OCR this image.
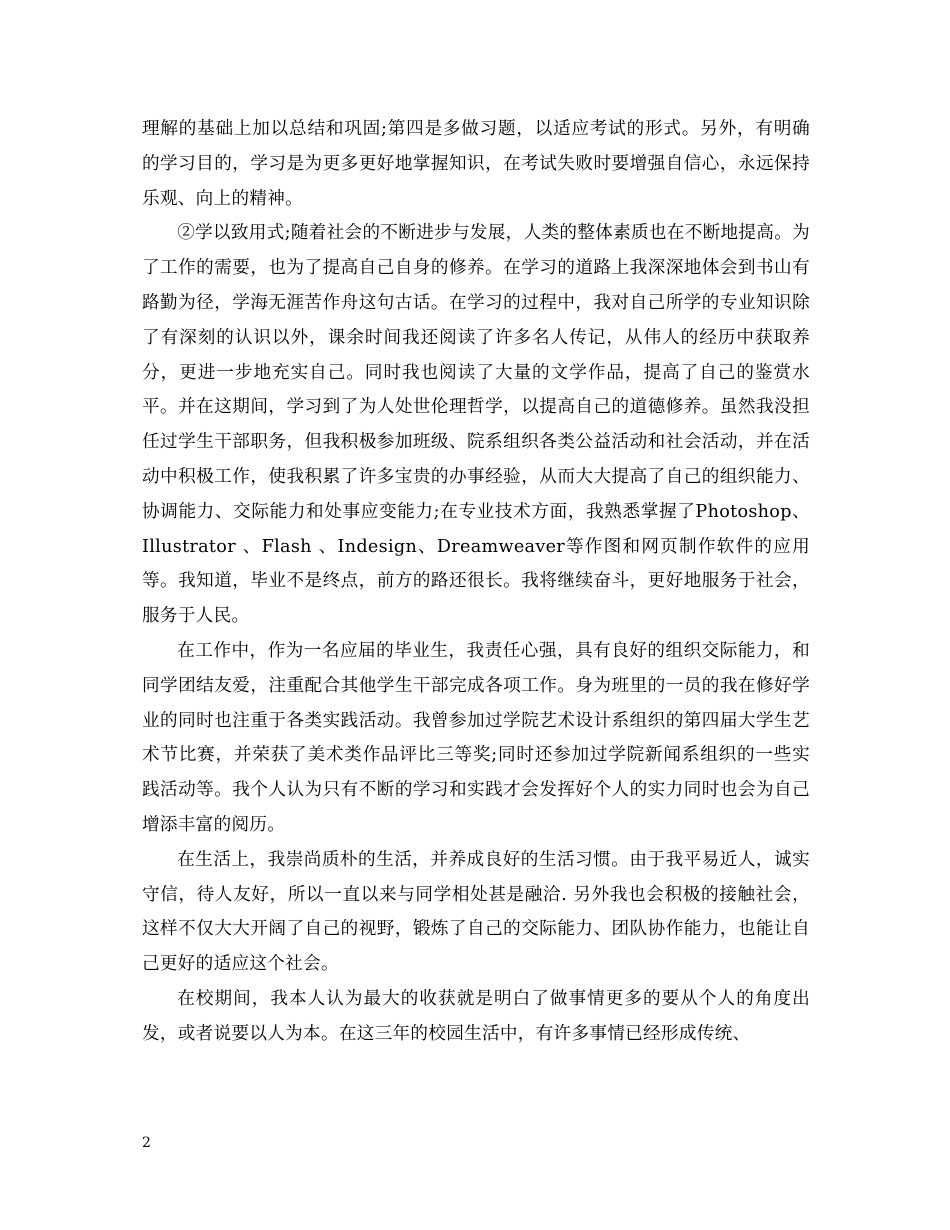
理解的基础上加以总结和巩固;第四是多做习题，以适应考试的形式。另外，有明确的学习目的，学习是为更多更好地掌握知识，在考试失败时要增强自信心，永远保持乐观、向上的精神。

②学以致用式;随着社会的不断进步与发展，人类的整体素质也在不断地提高。为了工作的需要，也为了提高自己自身的修养。在学习的道路上我深深地体会到书山有路勤为径，学海无涯苦作舟这句古话。在学习的过程中，我对自己所学的专业知识除了有深刻的认识以外，课余时间我还阅读了许多名人传记，从伟人的经历中获取养分，更进一步地充实自己。同时我也阅读了大量的文学作品，提高了自己的鉴赏水平。并在这期间，学习到了为人处世伦理哲学，以提高自己的道德修养。虽然我没担任过学生干部职务，但我积极参加班级、院系组织各类公益活动和社会活动，并在活动中积极工作，使我积累了许多宝贵的办事经验，从而大大提高了自己的组织能力、协调能力、交际能力和处事应变能力;在专业技术方面，我熟悉掌握了Photoshop、 Illustrator 、Flash 、Indesign、Dreamweaver等作图和网页制作软件的应用等。我知道，毕业不是终点，前方的路还很长。我将继续奋斗，更好地服务于社会，服务于人民。

在工作中，作为一名应届的毕业生，我责任心强，具有良好的组织交际能力，和同学团结友爱，注重配合其他学生干部完成各项工作。身为班里的一员的我在修好学业的同时也注重于各类实践活动。我曾参加过学院艺术设计系组织的第四届大学生艺术节比赛，并荣获了美术类作品评比三等奖;同时还参加过学院新闻系组织的一些实践活动等。我个人认为只有不断的学习和实践才会发挥好个人的实力同时也会为自己增添丰富的阅历。

在生活上，我崇尚质朴的生活，并养成良好的生活习惯。由于我平易近人，诚实守信，待人友好，所以一直以来与同学相处甚是融洽. 另外我也会积极的接触社会，这样不仅大大开阔了自己的视野，锻炼了自己的交际能力、团队协作能力，也能让自己更好的适应这个社会。

在校期间，我本人认为最大的收获就是明白了做事情更多的要从个人的角度出发，或者说要以人为本。在这三年的校园生活中，有许多事情已经形成传统、

2
